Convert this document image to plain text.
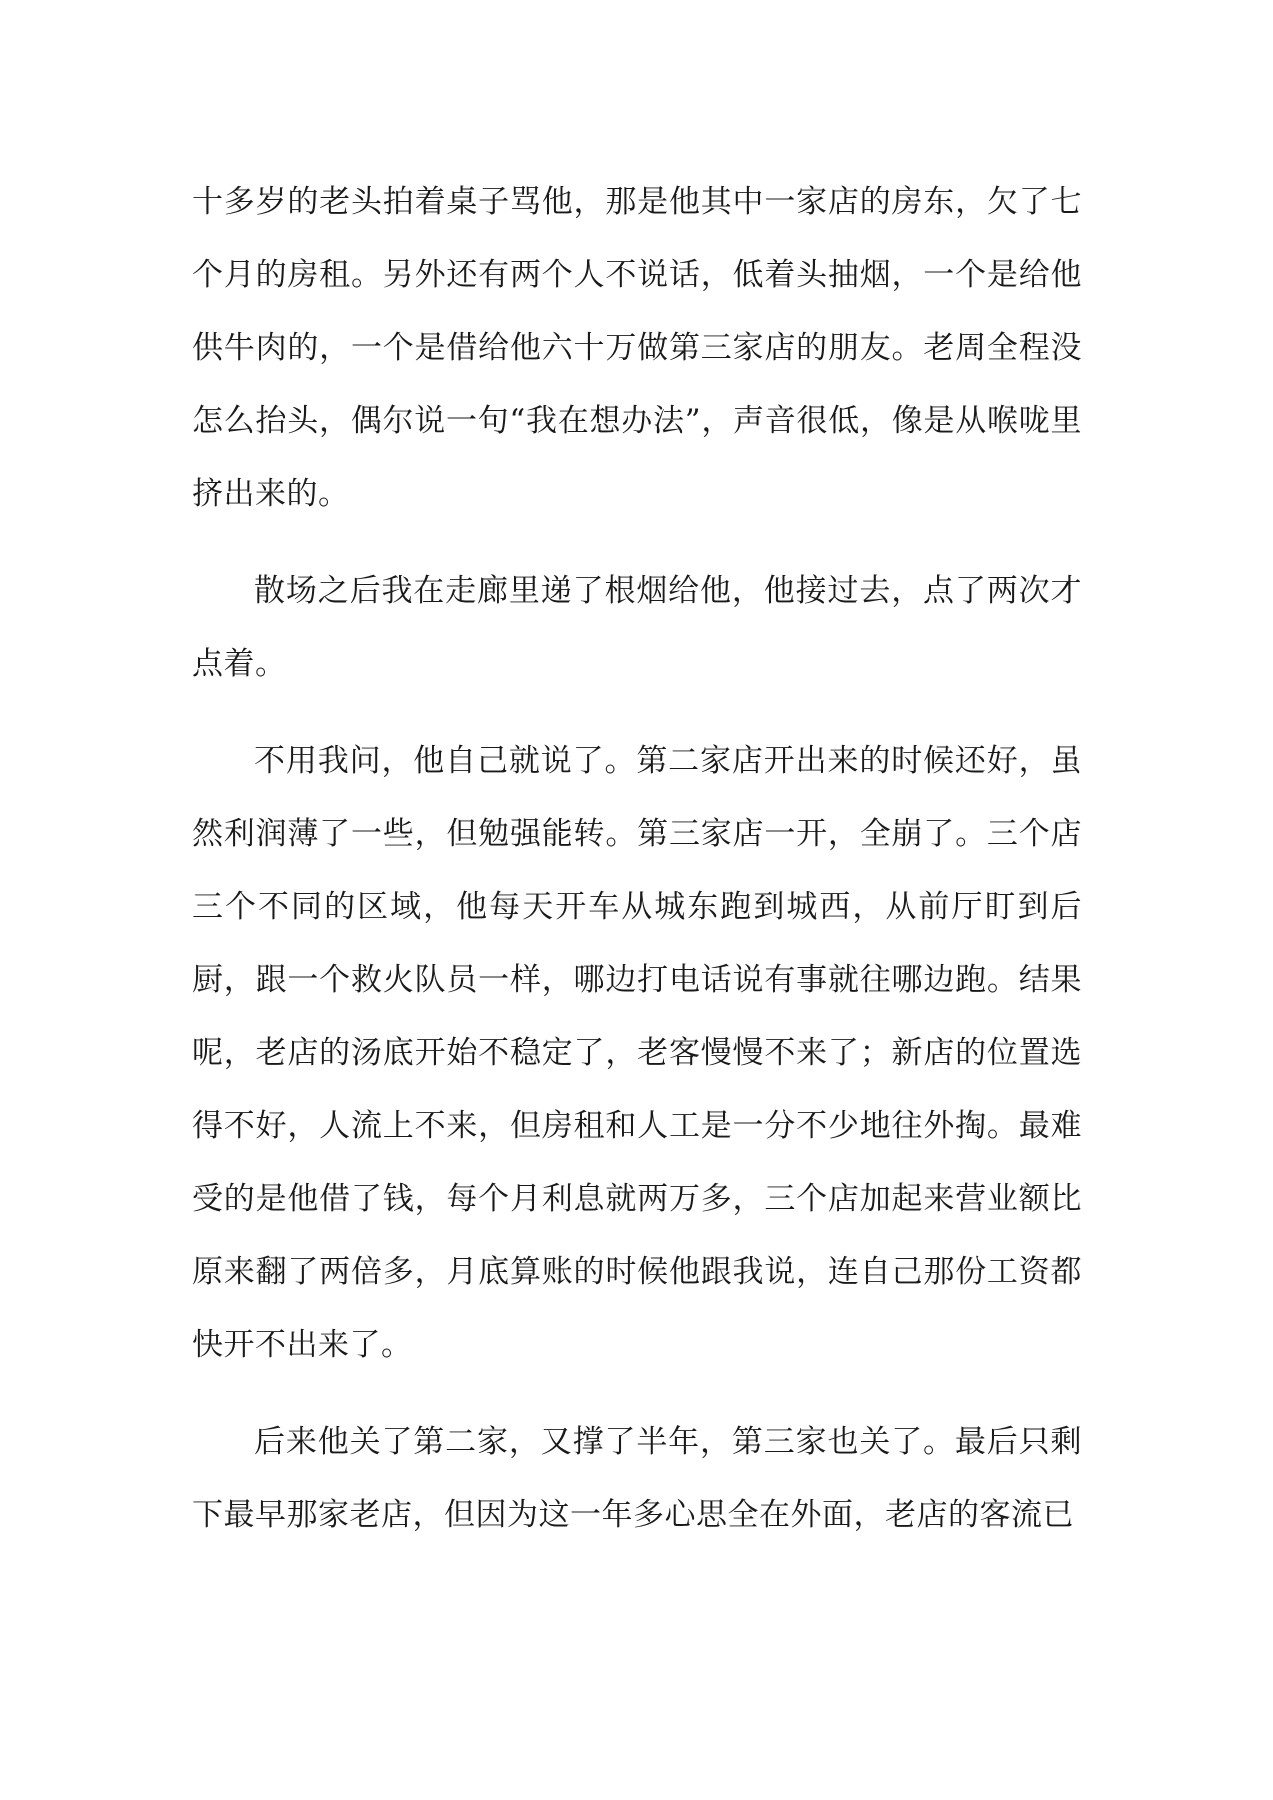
十多岁的老头拍着桌子骂他，那是他其中一家店的房东，欠了七个月的房租。另外还有两个人不说话，低着头抽烟，一个是给他供牛肉的，一个是借给他六十万做第三家店的朋友。老周全程没怎么抬头，偶尔说一句“我在想办法”，声音很低，像是从喉咙里挤出来的。

散场之后我在走廊里递了根烟给他，他接过去，点了两次才点着。

不用我问，他自己就说了。第二家店开出来的时候还好，虽然利润薄了一些，但勉强能转。第三家店一开，全崩了。三个店三个不同的区域，他每天开车从城东跑到城西，从前厅盯到后厨，跟一个救火队员一样，哪边打电话说有事就往哪边跑。结果呢，老店的汤底开始不稳定了，老客慢慢不来了；新店的位置选得不好，人流上不来，但房租和人工是一分不少地往外掏。最难受的是他借了钱，每个月利息就两万多，三个店加起来营业额比原来翻了两倍多，月底算账的时候他跟我说，连自己那份工资都快开不出来了。

后来他关了第二家，又撑了半年，第三家也关了。最后只剩下最早那家老店，但因为这一年多心思全在外面，老店的客流已
